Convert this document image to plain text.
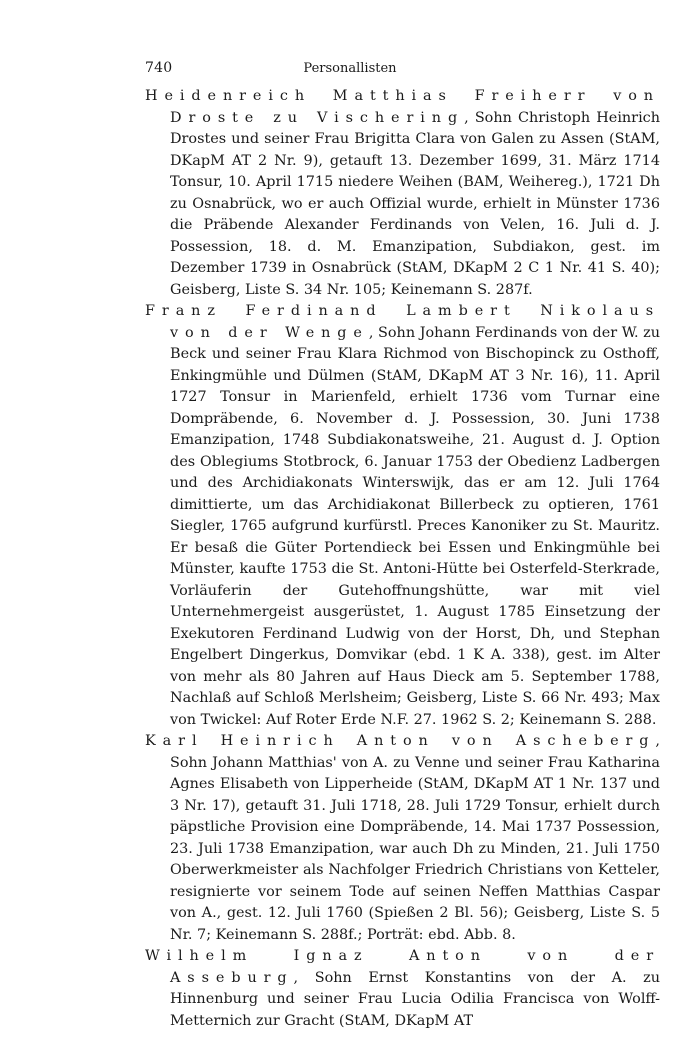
740	Personallisten

Heidenreich Matthias Freiherr von Droste zu Vischering, Sohn Christoph Heinrich Drostes und seiner Frau Brigitta Clara von Galen zu Assen (StAM, DKapM AT 2 Nr. 9), getauft 13. Dezember 1699, 31. März 1714 Tonsur, 10. April 1715 niedere Weihen (BAM, Weihereg.), 1721 Dh zu Osnabrück, wo er auch Offizial wurde, erhielt in Münster 1736 die Präbende Alexander Ferdinands von Velen, 16. Juli d. J. Possession, 18. d. M. Emanzipation, Subdiakon, gest. im Dezember 1739 in Osnabrück (StAM, DKapM 2 C 1 Nr. 41 S. 40); Geisberg, Liste S. 34 Nr. 105; Keinemann S. 287f.

Franz Ferdinand Lambert Nikolaus von der Wenge, Sohn Johann Ferdinands von der W. zu Beck und seiner Frau Klara Richmod von Bischopinck zu Osthoff, Enkingmühle und Dülmen (StAM, DKapM AT 3 Nr. 16), 11. April 1727 Tonsur in Marienfeld, erhielt 1736 vom Turnar eine Dompräbende, 6. November d. J. Possession, 30. Juni 1738 Emanzipation, 1748 Subdiakonatsweihe, 21. August d. J. Option des Oblegiums Stotbrock, 6. Januar 1753 der Obedienz Ladbergen und des Archidiakonats Winterswijk, das er am 12. Juli 1764 dimittierte, um das Archidiakonat Billerbeck zu optieren, 1761 Siegler, 1765 aufgrund kurfürstl. Preces Kanoniker zu St. Mauritz. Er besaß die Güter Portendieck bei Essen und Enkingmühle bei Münster, kaufte 1753 die St. Antoni-Hütte bei Osterfeld-Sterkrade, Vorläuferin der Gutehoffnungshütte, war mit viel Unternehmergeist ausgerüstet, 1. August 1785 Einsetzung der Exekutoren Ferdinand Ludwig von der Horst, Dh, und Stephan Engelbert Dingerkus, Domvikar (ebd. 1 K A. 338), gest. im Alter von mehr als 80 Jahren auf Haus Dieck am 5. September 1788, Nachlaß auf Schloß Merlsheim; Geisberg, Liste S. 66 Nr. 493; Max von Twickel: Auf Roter Erde N.F. 27. 1962 S. 2; Keinemann S. 288.

Karl Heinrich Anton von Ascheberg, Sohn Johann Matthias' von A. zu Venne und seiner Frau Katharina Agnes Elisabeth von Lipperheide (StAM, DKapM AT 1 Nr. 137 und 3 Nr. 17), getauft 31. Juli 1718, 28. Juli 1729 Tonsur, erhielt durch päpstliche Provision eine Dompräbende, 14. Mai 1737 Possession, 23. Juli 1738 Emanzipation, war auch Dh zu Minden, 21. Juli 1750 Oberwerkmeister als Nachfolger Friedrich Christians von Ketteler, resignierte vor seinem Tode auf seinen Neffen Matthias Caspar von A., gest. 12. Juli 1760 (Spießen 2 Bl. 56); Geisberg, Liste S. 5 Nr. 7; Keinemann S. 288f.; Porträt: ebd. Abb. 8.

Wilhelm Ignaz Anton von der Asseburg, Sohn Ernst Konstantins von der A. zu Hinnenburg und seiner Frau Lucia Odilia Francisca von Wolff-Metternich zur Gracht (StAM, DKapM AT
